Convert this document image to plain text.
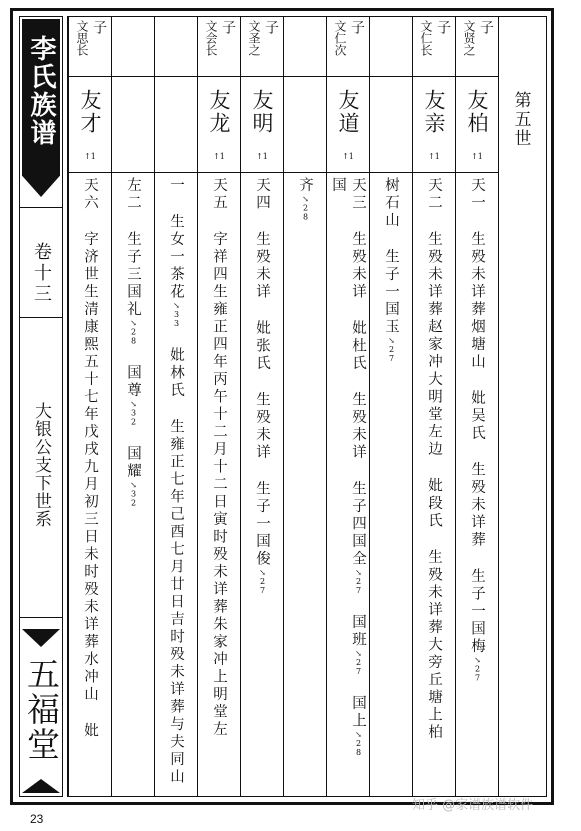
李氏族谱
卷十三
大银公支下世系
五福堂
第五世
子
文贤之
友柏
↑1
天一 生殁未详葬烟塘山 妣吴氏 生殁未详葬 生子一国梅↘27
子
文仁长
友亲
↑1
天二 生殁未详葬赵家冲大明堂左边 妣段氏 生殁未详葬大旁丘塘上柏
树石山 生子一国玉↘27
子
文仁次
友道
↑1
天三 生殁未详 妣杜氏 生殁未详 生子四国全↘27 国班↘27 国上↘28 国
齐↘28
子
文圣之
友明
↑1
天四 生殁未详 妣张氏 生殁未详 生子一国俊↘27
子
文会长
友龙
↑1
天五 字祥四生雍正四年丙午十二月十二日寅时殁未详葬朱家冲上明堂左
一 生女一茶花↘33 妣林氏 生雍正七年己酉七月廿日吉时殁未详葬与夫同山
左二 生子三国礼↘28 国尊↘32 国耀↘32
子
文思长
友才
↑1
天六 字济世生清康熙五十七年戊戌九月初三日未时殁未详葬水冲山 妣
23
知乎 @家谱族谱软件
